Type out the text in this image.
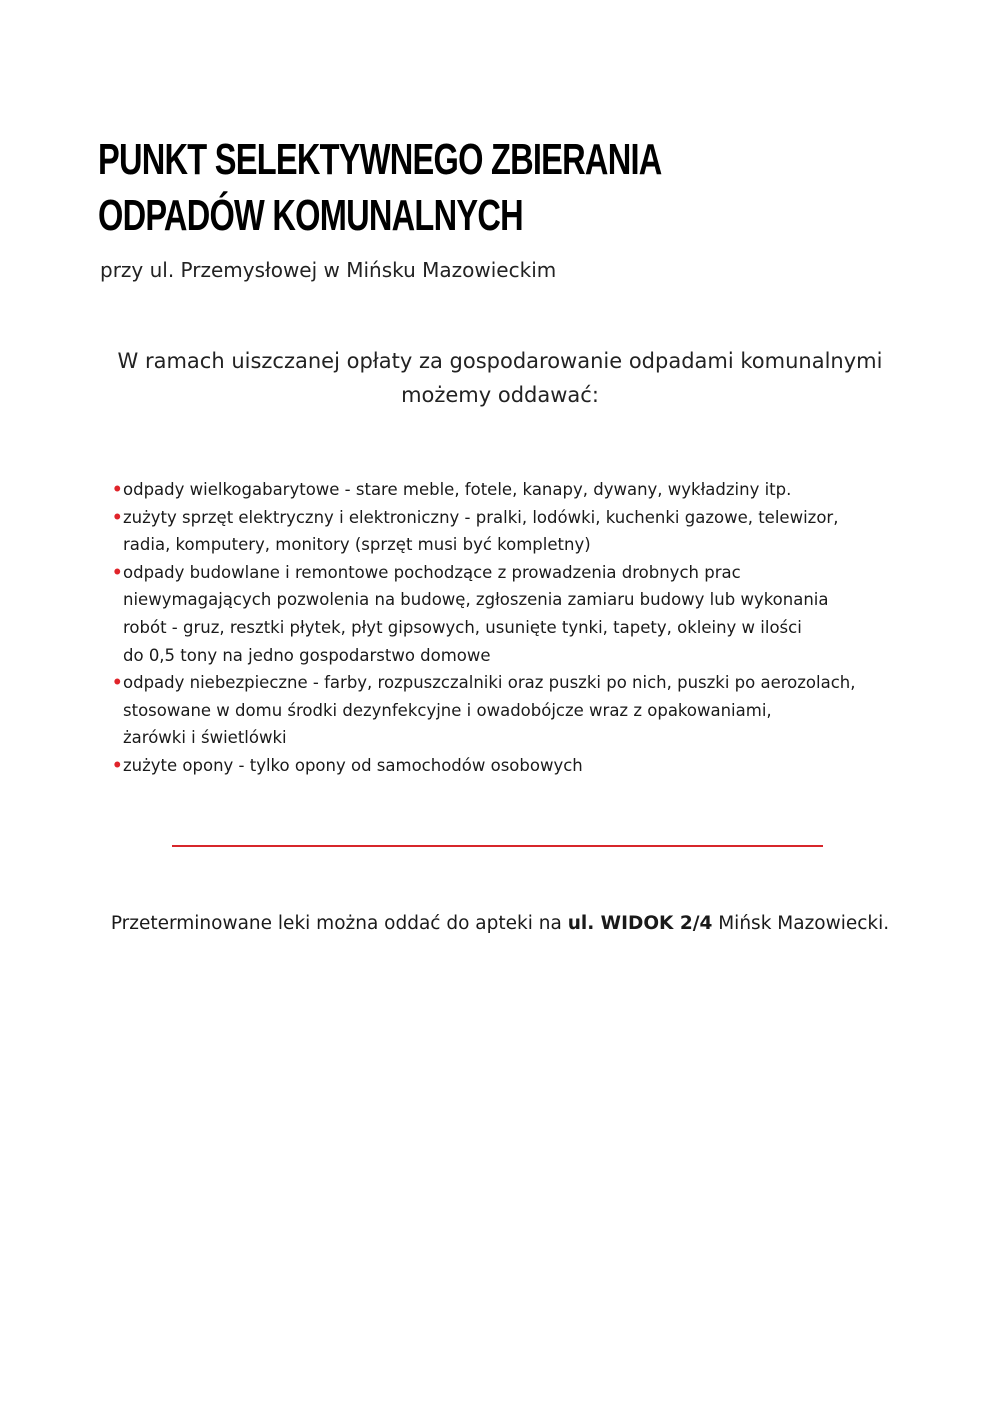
PUNKT SELEKTYWNEGO ZBIERANIA
ODPADÓW KOMUNALNYCH

przy ul. Przemysłowej w Mińsku Mazowieckim

W ramach uiszczanej opłaty za gospodarowanie odpadami komunalnymi
możemy oddawać:

• odpady wielkogabarytowe - stare meble, fotele, kanapy, dywany, wykładziny itp.
• zużyty sprzęt elektryczny i elektroniczny - pralki, lodówki, kuchenki gazowe, telewizor,
radia, komputery, monitory (sprzęt musi być kompletny)
• odpady budowlane i remontowe pochodzące z prowadzenia drobnych prac
niewymagających pozwolenia na budowę, zgłoszenia zamiaru budowy lub wykonania
robót - gruz, resztki płytek, płyt gipsowych, usunięte tynki, tapety, okleiny w ilości
do 0,5 tony na jedno gospodarstwo domowe
• odpady niebezpieczne - farby, rozpuszczalniki oraz puszki po nich, puszki po aerozolach,
stosowane w domu środki dezynfekcyjne i owadobójcze wraz z opakowaniami,
żarówki i świetlówki
• zużyte opony - tylko opony od samochodów osobowych

Przeterminowane leki można oddać do apteki na ul. WIDOK 2/4 Mińsk Mazowiecki.
